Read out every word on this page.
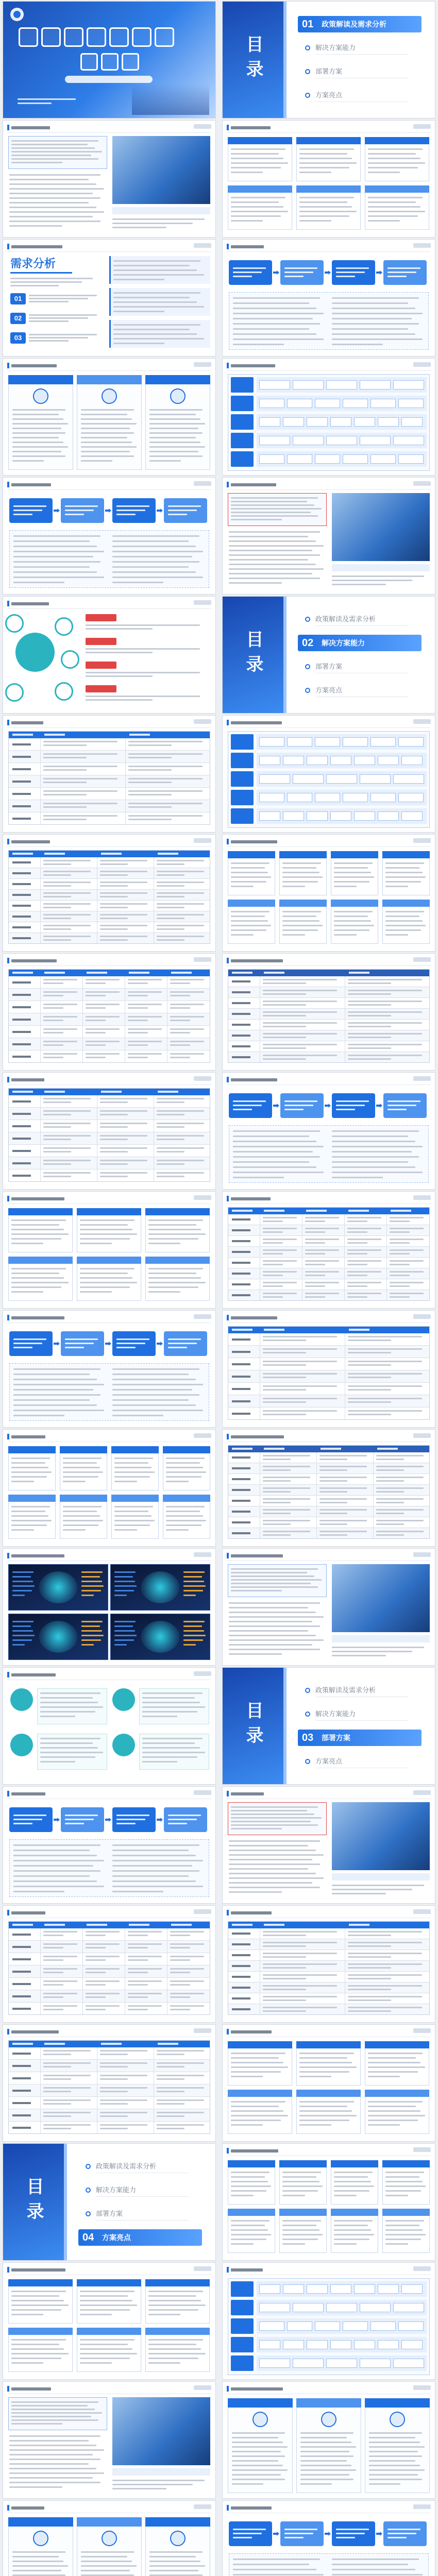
目录
01	政策解读及需求分析
解决方案能力
部署方案
方案亮点
需求分析
01
02
03
目录
政策解读及需求分析
02	解决方案能力
部署方案
方案亮点
目录
政策解读及需求分析
解决方案能力
03	部署方案
方案亮点
目录
政策解读及需求分析
解决方案能力
部署方案
04	方案亮点
